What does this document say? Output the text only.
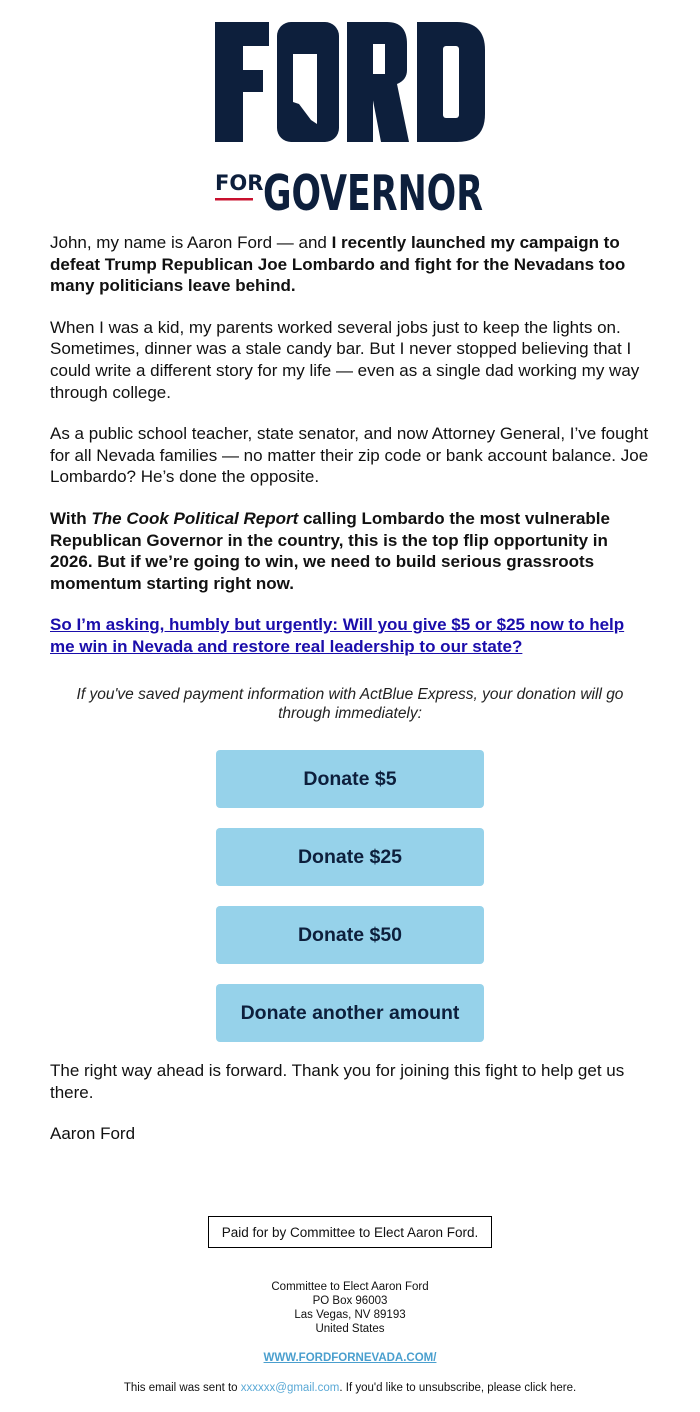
FOR GOVERNOR

John, my name is Aaron Ford — and I recently launched my campaign to defeat Trump Republican Joe Lombardo and fight for the Nevadans too many politicians leave behind.

When I was a kid, my parents worked several jobs just to keep the lights on. Sometimes, dinner was a stale candy bar. But I never stopped believing that I could write a different story for my life — even as a single dad working my way through college.

As a public school teacher, state senator, and now Attorney General, I’ve fought for all Nevada families — no matter their zip code or bank account balance. Joe Lombardo? He’s done the opposite.

With The Cook Political Report calling Lombardo the most vulnerable Republican Governor in the country, this is the top flip opportunity in 2026. But if we’re going to win, we need to build serious grassroots momentum starting right now.

So I’m asking, humbly but urgently: Will you give $5 or $25 now to help me win in Nevada and restore real leadership to our state?

If you've saved payment information with ActBlue Express, your donation will go through immediately:
Donate $5
Donate $25
Donate $50
Donate another amount

The right way ahead is forward. Thank you for joining this fight to help get us there.

Aaron Ford

Paid for by Committee to Elect Aaron Ford.
Committee to Elect Aaron Ford
PO Box 96003
Las Vegas, NV 89193
United States
WWW.FORDFORNEVADA.COM/
This email was sent to xxxxxx@gmail.com. If you'd like to unsubscribe, please click here.
